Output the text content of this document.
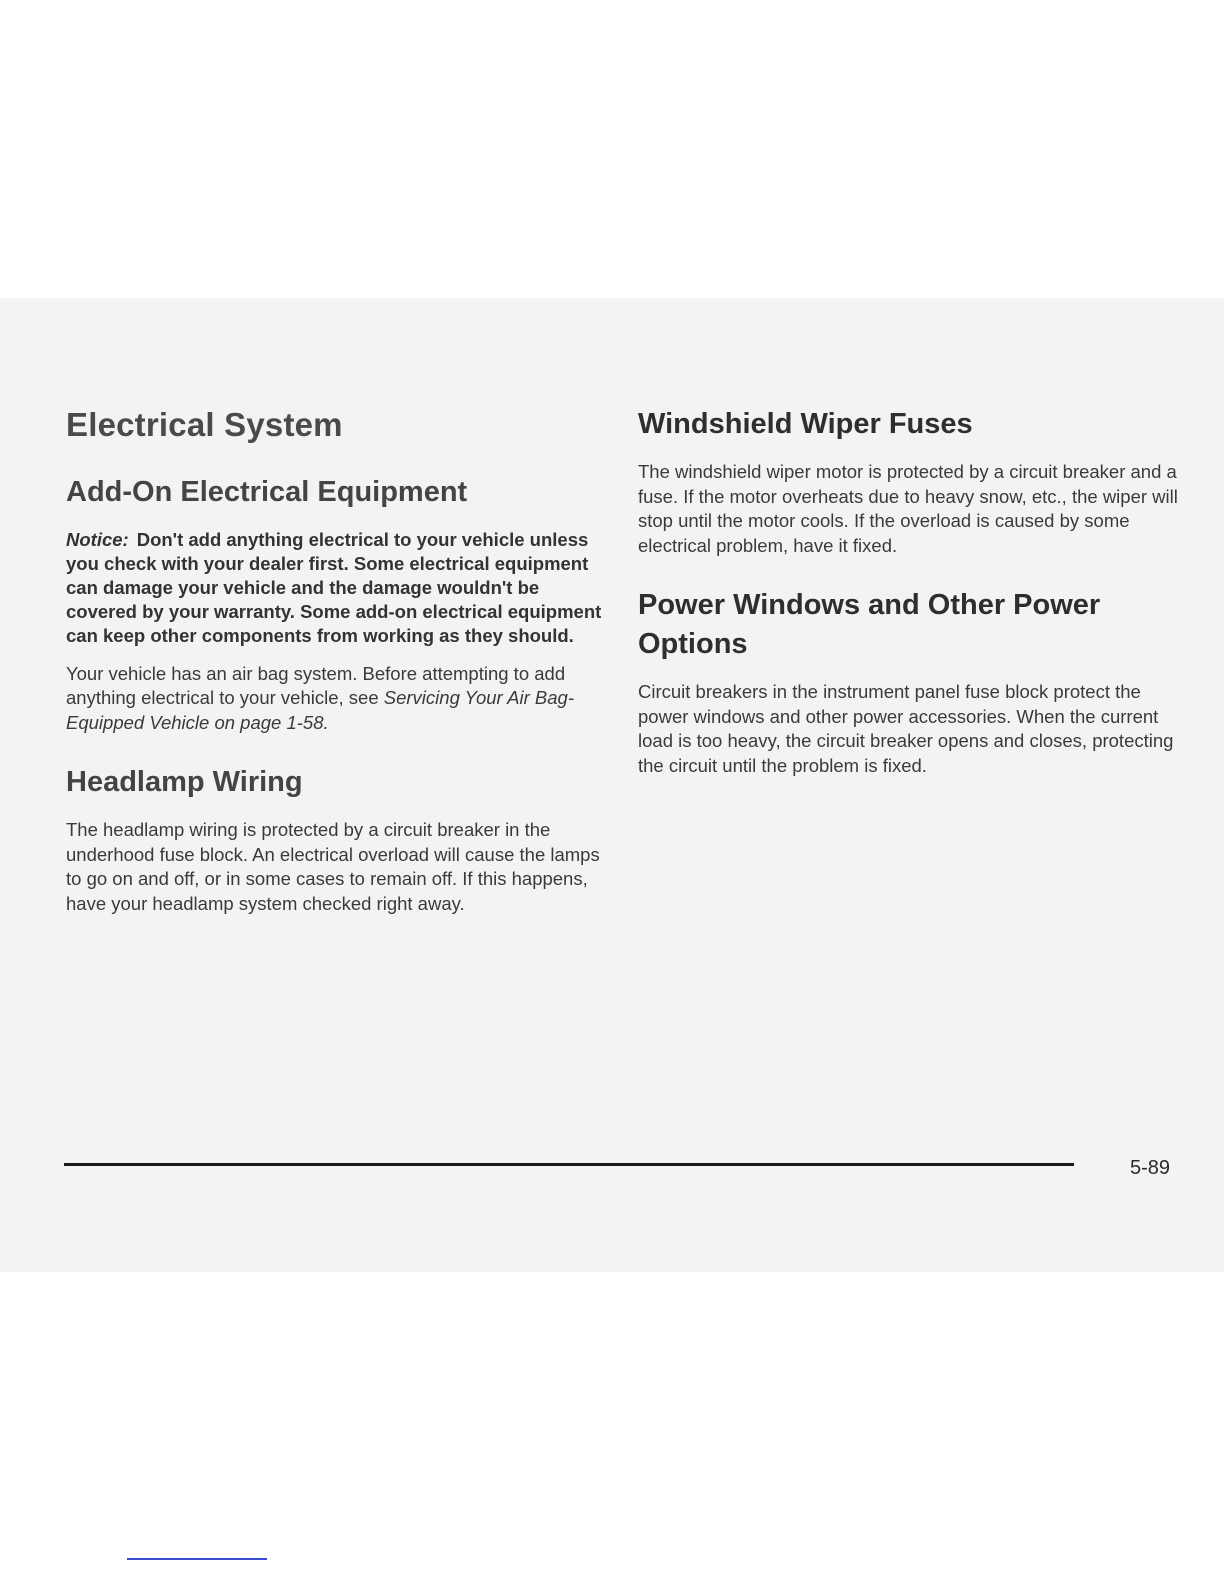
Electrical System
Add-On Electrical Equipment
Notice: Don't add anything electrical to your vehicle unless you check with your dealer first. Some electrical equipment can damage your vehicle and the damage wouldn't be covered by your warranty. Some add-on electrical equipment can keep other components from working as they should.
Your vehicle has an air bag system. Before attempting to add anything electrical to your vehicle, see Servicing Your Air Bag-Equipped Vehicle on page 1-58.
Headlamp Wiring
The headlamp wiring is protected by a circuit breaker in the underhood fuse block. An electrical overload will cause the lamps to go on and off, or in some cases to remain off. If this happens, have your headlamp system checked right away.
Windshield Wiper Fuses
The windshield wiper motor is protected by a circuit breaker and a fuse. If the motor overheats due to heavy snow, etc., the wiper will stop until the motor cools. If the overload is caused by some electrical problem, have it fixed.
Power Windows and Other Power Options
Circuit breakers in the instrument panel fuse block protect the power windows and other power accessories. When the current load is too heavy, the circuit breaker opens and closes, protecting the circuit until the problem is fixed.
5-89
